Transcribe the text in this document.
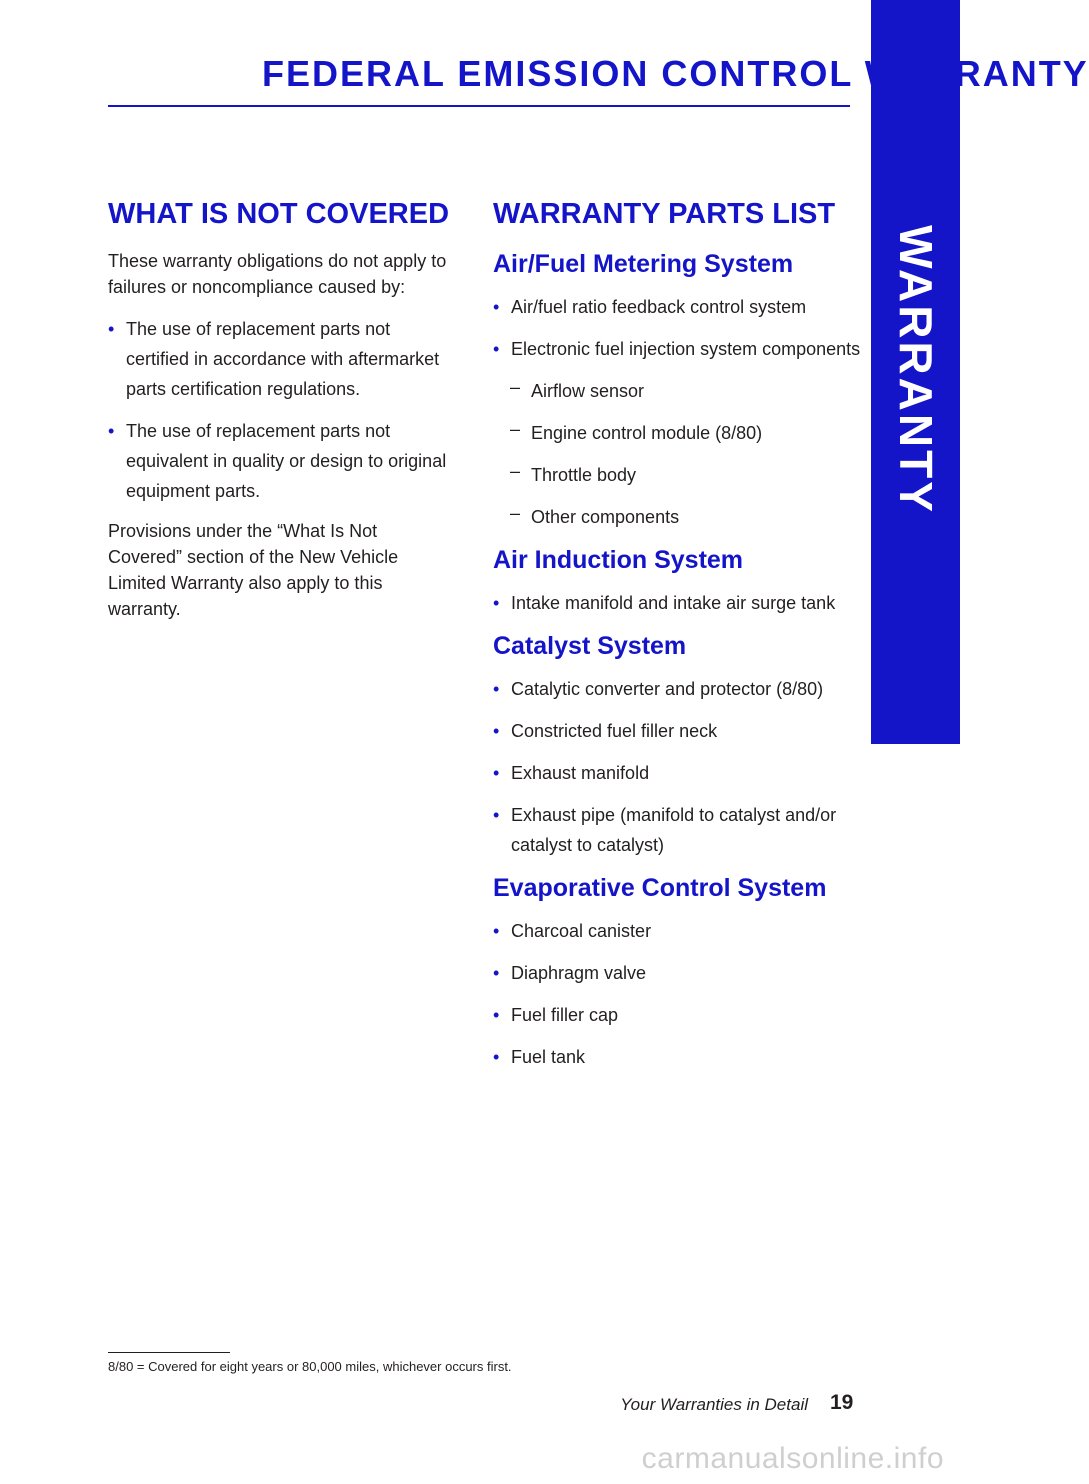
WARRANTY
FEDERAL EMISSION CONTROL WARRANTY
WHAT IS NOT COVERED

These warranty obligations do not apply to failures or noncompliance caused by:

• The use of replacement parts not certified in accordance with aftermarket parts certification regulations.
• The use of replacement parts not equivalent in quality or design to original equipment parts.

Provisions under the “What Is Not Covered” section of the New Vehicle Limited Warranty also apply to this warranty.

WARRANTY PARTS LIST
Air/Fuel Metering System
• Air/fuel ratio feedback control system
• Electronic fuel injection system components
– Airflow sensor
– Engine control module (8/80)
– Throttle body
– Other components
Air Induction System
• Intake manifold and intake air surge tank
Catalyst System
• Catalytic converter and protector (8/80)
• Constricted fuel filler neck
• Exhaust manifold
• Exhaust pipe (manifold to catalyst and/or catalyst to catalyst)
Evaporative Control System
• Charcoal canister
• Diaphragm valve
• Fuel filler cap
• Fuel tank
8/80 = Covered for eight years or 80,000 miles, whichever occurs first.
Your Warranties in Detail 19
carmanualsonline.info
